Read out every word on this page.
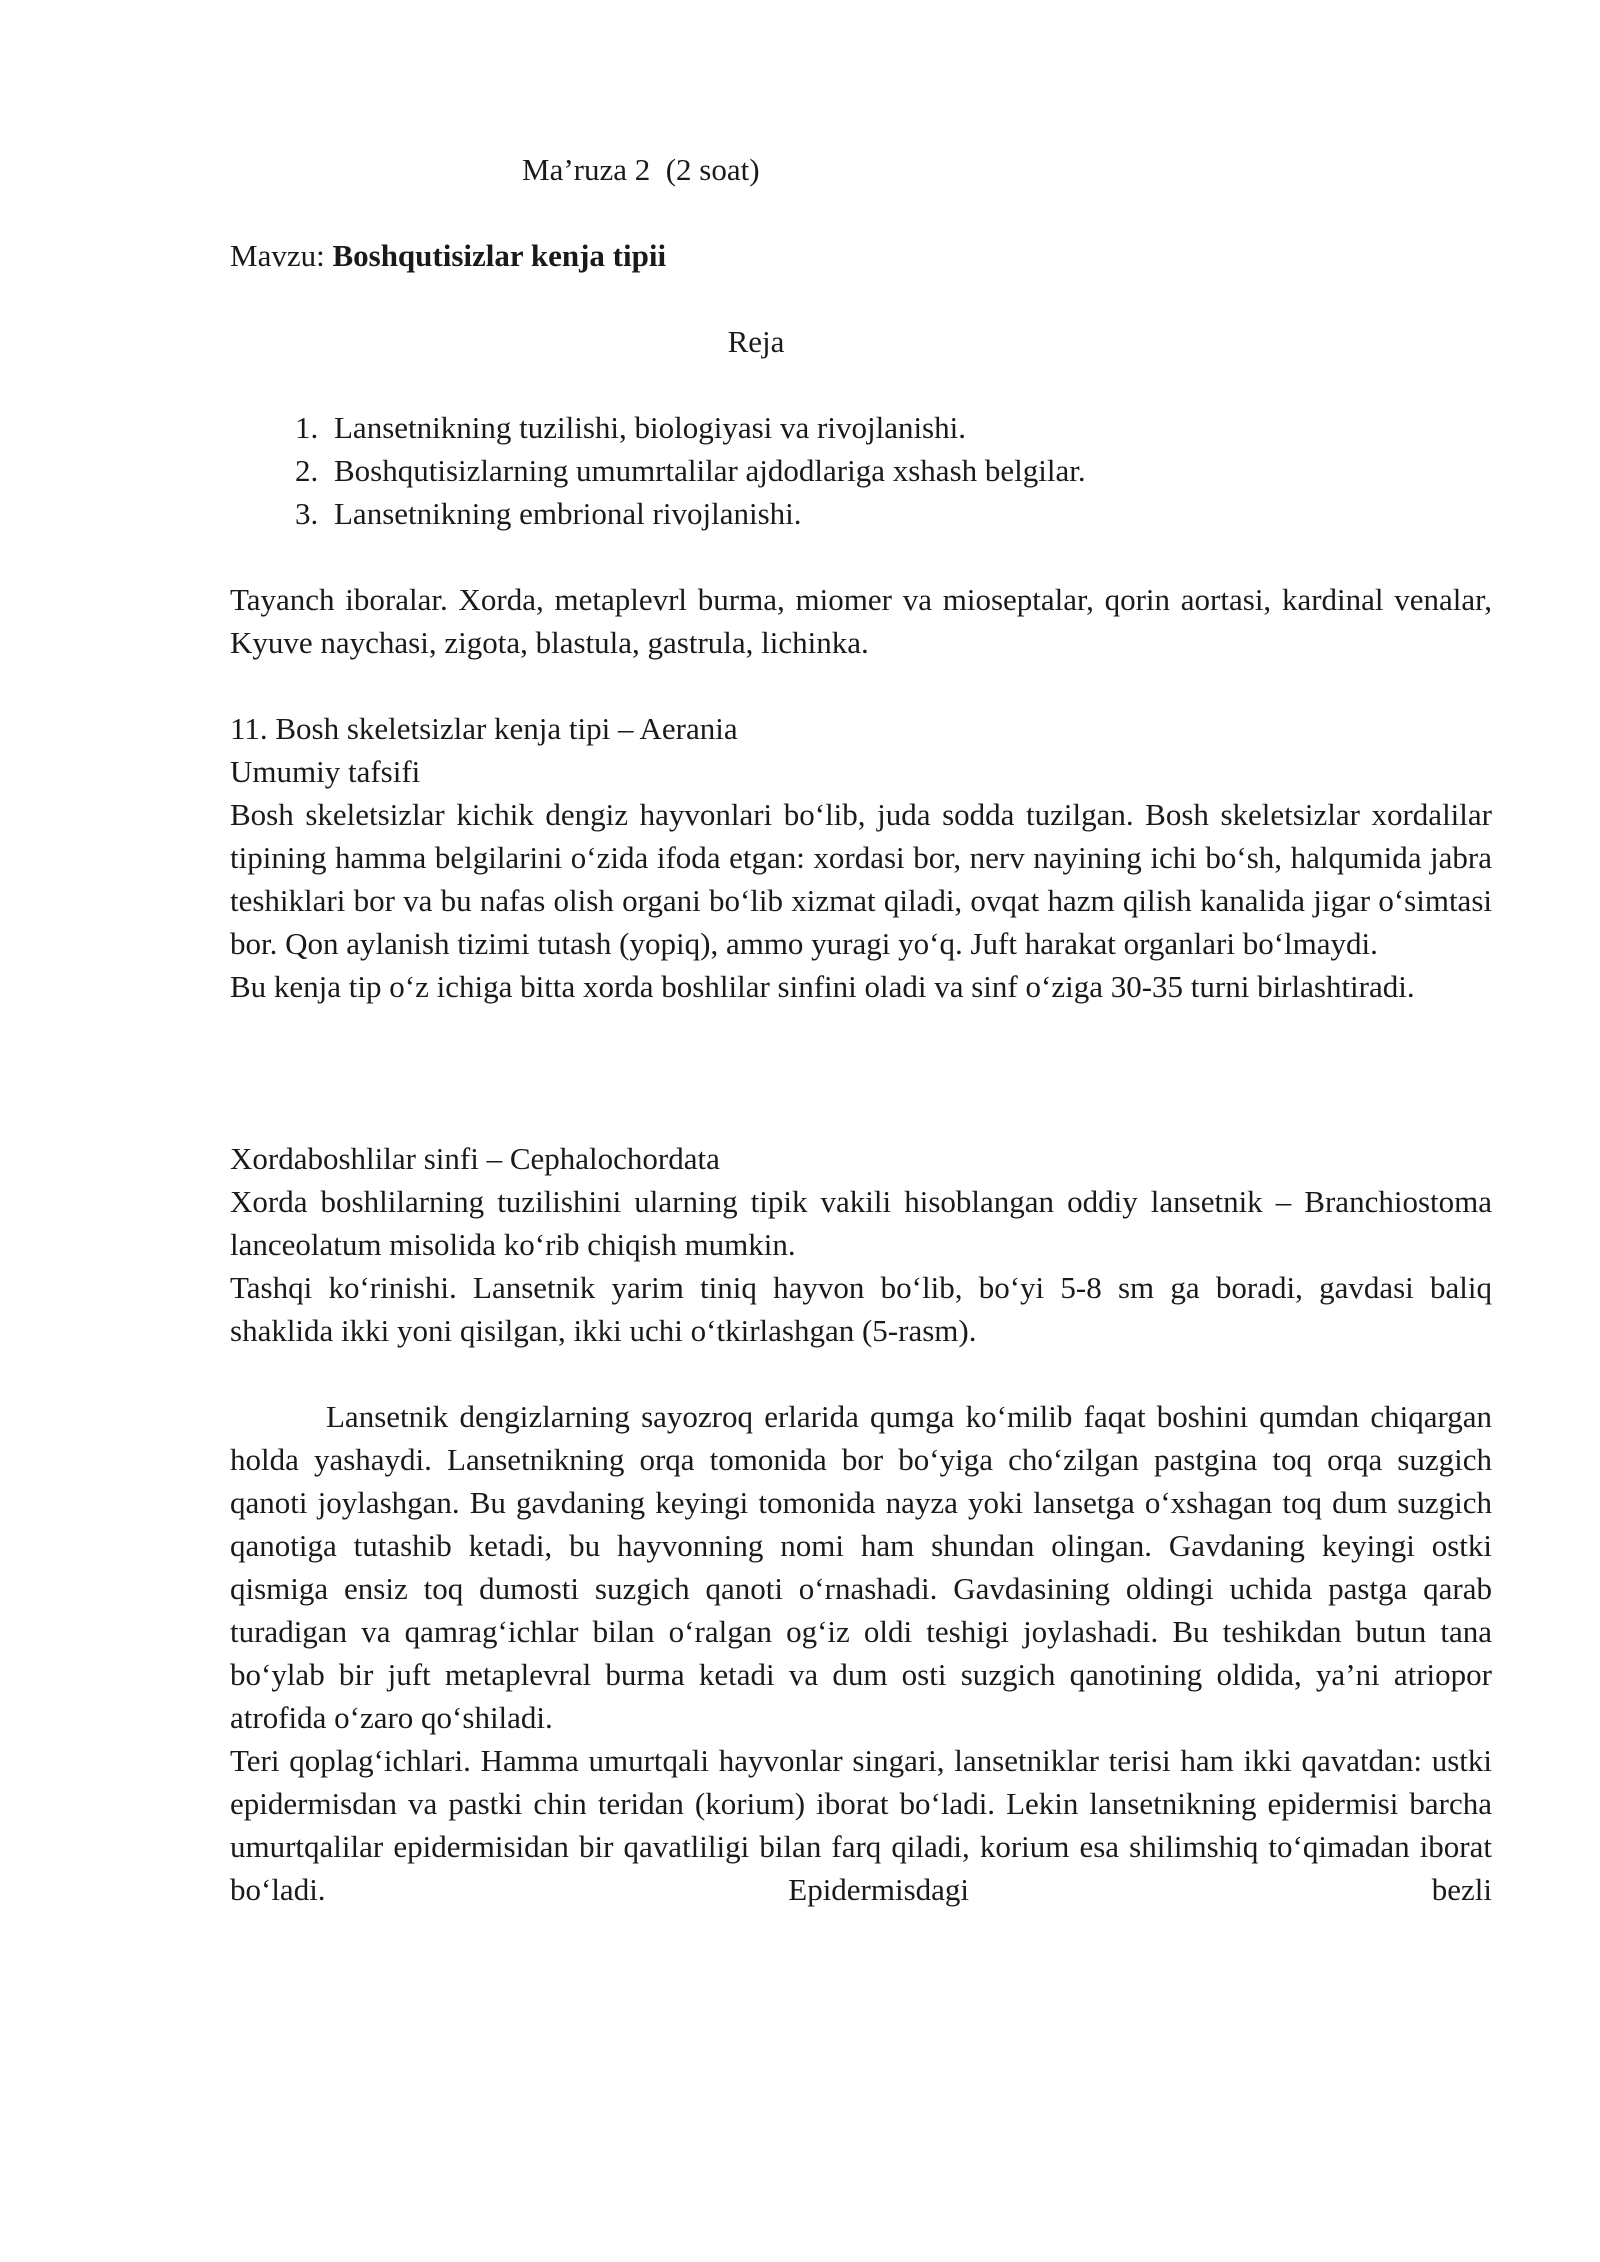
Ma’ruza 2  (2 soat)

Mavzu: Boshqutisizlar kenja tipii

Reja

1. Lansetnikning tuzilishi, biologiyasi va rivojlanishi.
2. Boshqutisizlarning umumrtalilar ajdodlariga xshash belgilar.
3. Lansetnikning embrional rivojlanishi.

Tayanch iboralar. Xorda, metaplevrl burma, miomer va mioseptalar, qorin aortasi, kardinal venalar, Kyuve naychasi, zigota, blastula, gastrula, lichinka.

11. Bosh skeletsizlar kenja tipi – Aerania

Umumiy tafsifi

Bosh skeletsizlar kichik dengiz hayvonlari bo‘lib, juda sodda tuzilgan. Bosh skeletsizlar xordalilar tipining hamma belgilarini o‘zida ifoda etgan: xordasi bor, nerv nayining ichi bo‘sh, halqumida jabra teshiklari bor va bu nafas olish organi bo‘lib xizmat qiladi, ovqat hazm qilish kanalida jigar o‘simtasi bor. Qon aylanish tizimi tutash (yopiq), ammo yuragi yo‘q. Juft harakat organlari bo‘lmaydi.

Bu kenja tip o‘z ichiga bitta xorda boshlilar sinfini oladi va sinf o‘ziga 30-35 turni birlashtiradi.

Xordaboshlilar sinfi – Cephalochordata

Xorda boshlilarning tuzilishini ularning tipik vakili hisoblangan oddiy lansetnik – Branchiostoma lanceolatum misolida ko‘rib chiqish mumkin.

Tashqi ko‘rinishi. Lansetnik yarim tiniq hayvon bo‘lib, bo‘yi 5-8 sm ga boradi, gavdasi baliq shaklida ikki yoni qisilgan, ikki uchi o‘tkirlashgan (5-rasm).

Lansetnik dengizlarning sayozroq erlarida qumga ko‘milib faqat boshini qumdan chiqargan holda yashaydi. Lansetnikning orqa tomonida bor bo‘yiga cho‘zilgan pastgina toq orqa suzgich qanoti joylashgan. Bu gavdaning keyingi tomonida nayza yoki lansetga o‘xshagan toq dum suzgich qanotiga tutashib ketadi, bu hayvonning nomi ham shundan olingan. Gavdaning keyingi ostki qismiga ensiz toq dumosti suzgich qanoti o‘rnashadi. Gavdasining oldingi uchida pastga qarab turadigan va qamrag‘ichlar bilan o‘ralgan og‘iz oldi teshigi joylashadi. Bu teshikdan butun tana bo‘ylab bir juft metaplevral burma ketadi va dum osti suzgich qanotining oldida, ya’ni atriopor atrofida o‘zaro qo‘shiladi.

Teri qoplag‘ichlari. Hamma umurtqali hayvonlar singari, lansetniklar terisi ham ikki qavatdan: ustki epidermisdan va pastki chin teridan (korium) iborat bo‘ladi. Lekin lansetnikning epidermisi barcha umurtqalilar epidermisidan bir qavatliligi bilan farq qiladi, korium esa shilimshiq to‘qimadan iborat bo‘ladi. Epidermisdagi bezli
